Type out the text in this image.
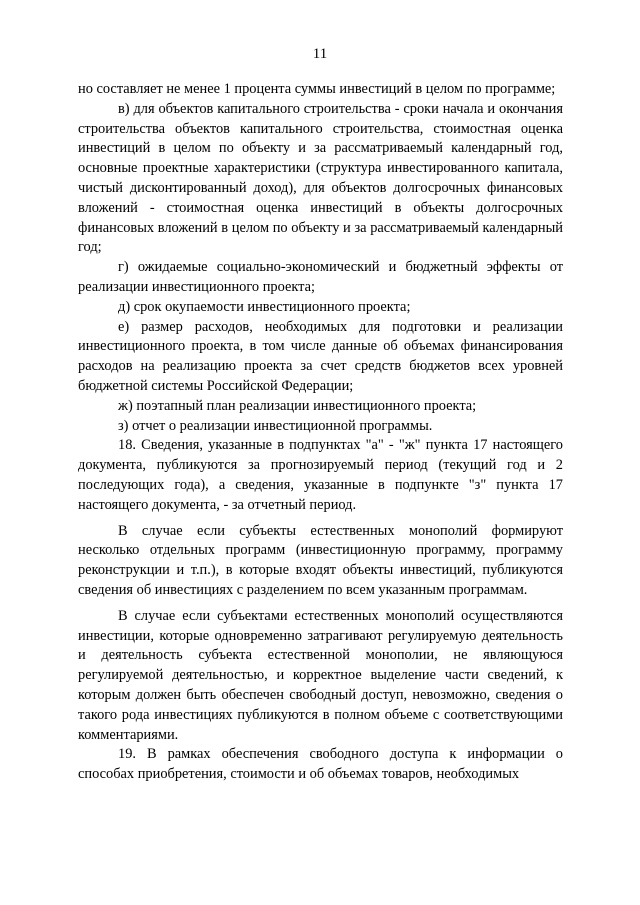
11

но составляет не менее 1 процента суммы инвестиций в целом по программе;

в) для объектов капитального строительства - сроки начала и окончания строительства объектов капитального строительства, стоимостная оценка инвестиций в целом по объекту и за рассматриваемый календарный год, основные проектные характеристики (структура инвестированного капитала, чистый дисконтированный доход), для объектов долгосрочных финансовых вложений - стоимостная оценка инвестиций в объекты долгосрочных финансовых вложений в целом по объекту и за рассматриваемый календарный год;

г) ожидаемые социально-экономический и бюджетный эффекты от реализации инвестиционного проекта;

д) срок окупаемости инвестиционного проекта;

е) размер расходов, необходимых для подготовки и реализации инвестиционного проекта, в том числе данные об объемах финансирования расходов на реализацию проекта за счет средств бюджетов всех уровней бюджетной системы Российской Федерации;

ж) поэтапный план реализации инвестиционного проекта;

з) отчет о реализации инвестиционной программы.

18. Сведения, указанные в подпунктах "а" - "ж" пункта 17 настоящего документа, публикуются за прогнозируемый период (текущий год и 2 последующих года), а сведения, указанные в подпункте "з" пункта 17 настоящего документа, - за отчетный период.

В случае если субъекты естественных монополий формируют несколько отдельных программ (инвестиционную программу, программу реконструкции и т.п.), в которые входят объекты инвестиций, публикуются сведения об инвестициях с разделением по всем указанным программам.

В случае если субъектами естественных монополий осуществляются инвестиции, которые одновременно затрагивают регулируемую деятельность и деятельность субъекта естественной монополии, не являющуюся регулируемой деятельностью, и корректное выделение части сведений, к которым должен быть обеспечен свободный доступ, невозможно, сведения о такого рода инвестициях публикуются в полном объеме с соответствующими комментариями.

19. В рамках обеспечения свободного доступа к информации о способах приобретения, стоимости и об объемах товаров, необходимых
